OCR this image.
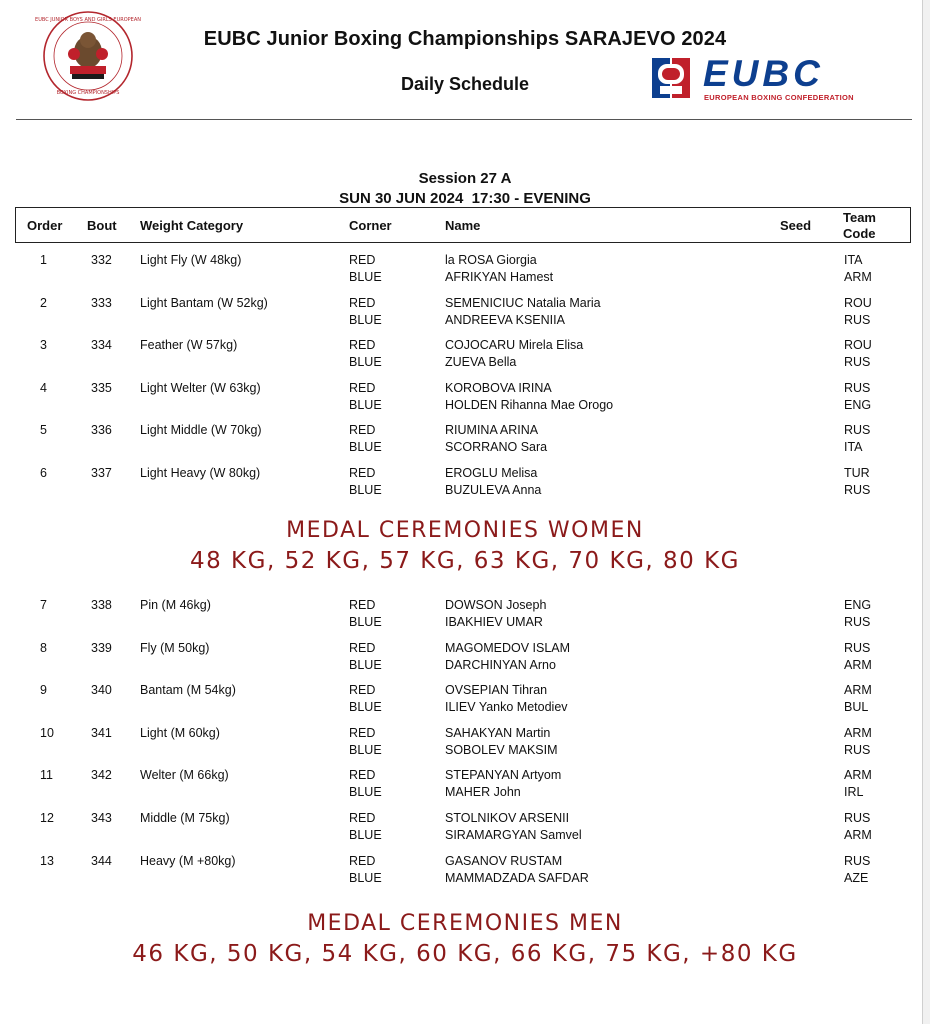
EUBC JUNIOR BOYS AND GIRLS EUROPEAN
BOXING CHAMPIONSHIPS
SARAJEVO 2024
EUBC Junior Boxing Championships SARAJEVO 2024
Daily Schedule	EUBC
EUROPEAN BOXING CONFEDERATION
Session 27 A
SUN 30 JUN 2024  17:30 - EVENING
Order Bout Weight Category	Corner	Name	Seed
Team
Code
1	332 Light Fly (W 48kg)	RED	la ROSA Giorgia	ITA
BLUE	AFRIKYAN Hamest	ARM
2	333 Light Bantam (W 52kg)	RED	SEMENICIUC Natalia Maria	ROU
BLUE	ANDREEVA KSENIIA	RUS
3	334 Feather (W 57kg)	RED	COJOCARU Mirela Elisa	ROU
BLUE	ZUEVA Bella	RUS
4	335 Light Welter (W 63kg)	RED	KOROBOVA IRINA	RUS
BLUE	HOLDEN Rihanna Mae Orogo	ENG
5	336 Light Middle (W 70kg)	RED	RIUMINA ARINA	RUS
BLUE	SCORRANO Sara	ITA
6	337 Light Heavy (W 80kg)	RED	EROGLU Melisa	TUR
BLUE	BUZULEVA Anna	RUS
MEDAL CEREMONIES WOMEN
48 KG, 52 KG, 57 KG, 63 KG, 70 KG, 80 KG
7	338 Pin (M 46kg)	RED	DOWSON Joseph	ENG
BLUE	IBAKHIEV UMAR	RUS
8	339 Fly (M 50kg)	RED	MAGOMEDOV ISLAM	RUS
BLUE	DARCHINYAN Arno	ARM
9	340 Bantam (M 54kg)	RED	OVSEPIAN Tihran	ARM
BLUE	ILIEV Yanko Metodiev	BUL
10	341 Light (M 60kg)	RED	SAHAKYAN Martin	ARM
BLUE	SOBOLEV MAKSIM	RUS
11	342 Welter (M 66kg)	RED	STEPANYAN Artyom	ARM
BLUE	MAHER John	IRL
12	343 Middle (M 75kg)	RED	STOLNIKOV ARSENII	RUS
BLUE	SIRAMARGYAN Samvel	ARM
13	344 Heavy (M +80kg)	RED	GASANOV RUSTAM	RUS
BLUE	MAMMADZADA SAFDAR	AZE
MEDAL CEREMONIES MEN
46 KG, 50 KG, 54 KG, 60 KG, 66 KG, 75 KG, +80 KG
